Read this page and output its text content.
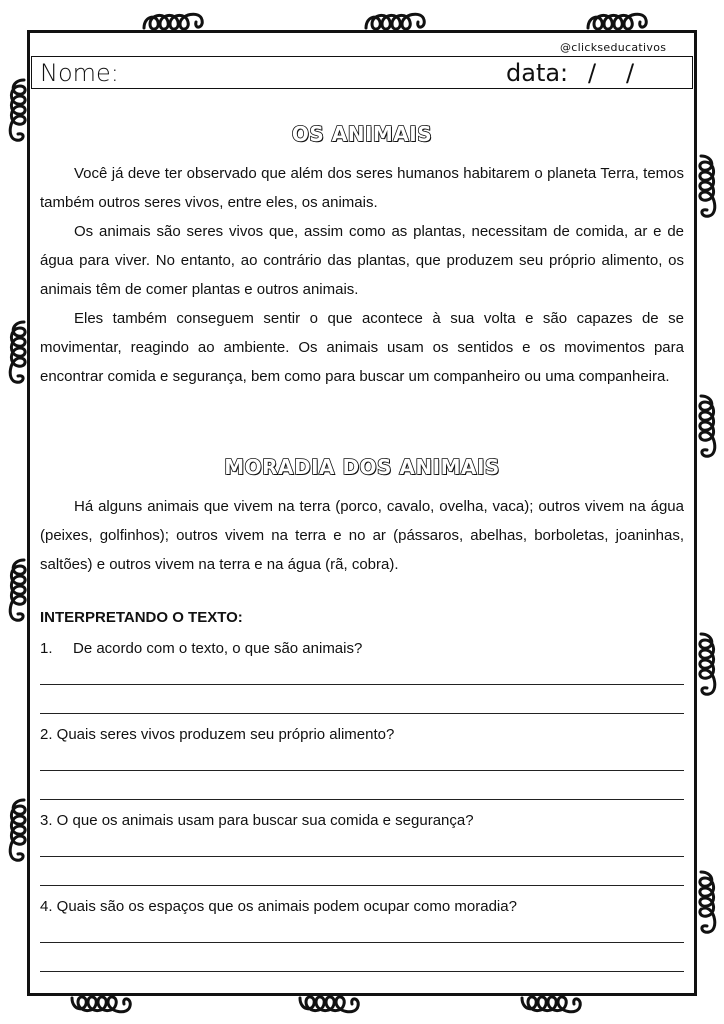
@clickseducativos
Nome:	data: / /
OS ANIMAIS

Você já deve ter observado que além dos seres humanos habitarem o planeta Terra, temos também outros seres vivos, entre eles, os animais.

Os animais são seres vivos que, assim como as plantas, necessitam de comida, ar e de água para viver. No entanto, ao contrário das plantas, que produzem seu próprio alimento, os animais têm de comer plantas e outros animais.

Eles também conseguem sentir o que acontece à sua volta e são capazes de se movimentar, reagindo ao ambiente. Os animais usam os sentidos e os movimentos para encontrar comida e segurança, bem como para buscar um companheiro ou uma companheira.

MORADIA DOS ANIMAIS

Há alguns animais que vivem na terra (porco, cavalo, ovelha, vaca); outros vivem na água (peixes, golfinhos); outros vivem na terra e no ar (pássaros, abelhas, borboletas, joaninhas, saltões) e outros vivem na terra e na água (rã, cobra).

INTERPRETANDO O TEXTO:
1. De acordo com o texto, o que são animais?
2. Quais seres vivos produzem seu próprio alimento?
3. O que os animais usam para buscar sua comida e segurança?
4. Quais são os espaços que os animais podem ocupar como moradia?
